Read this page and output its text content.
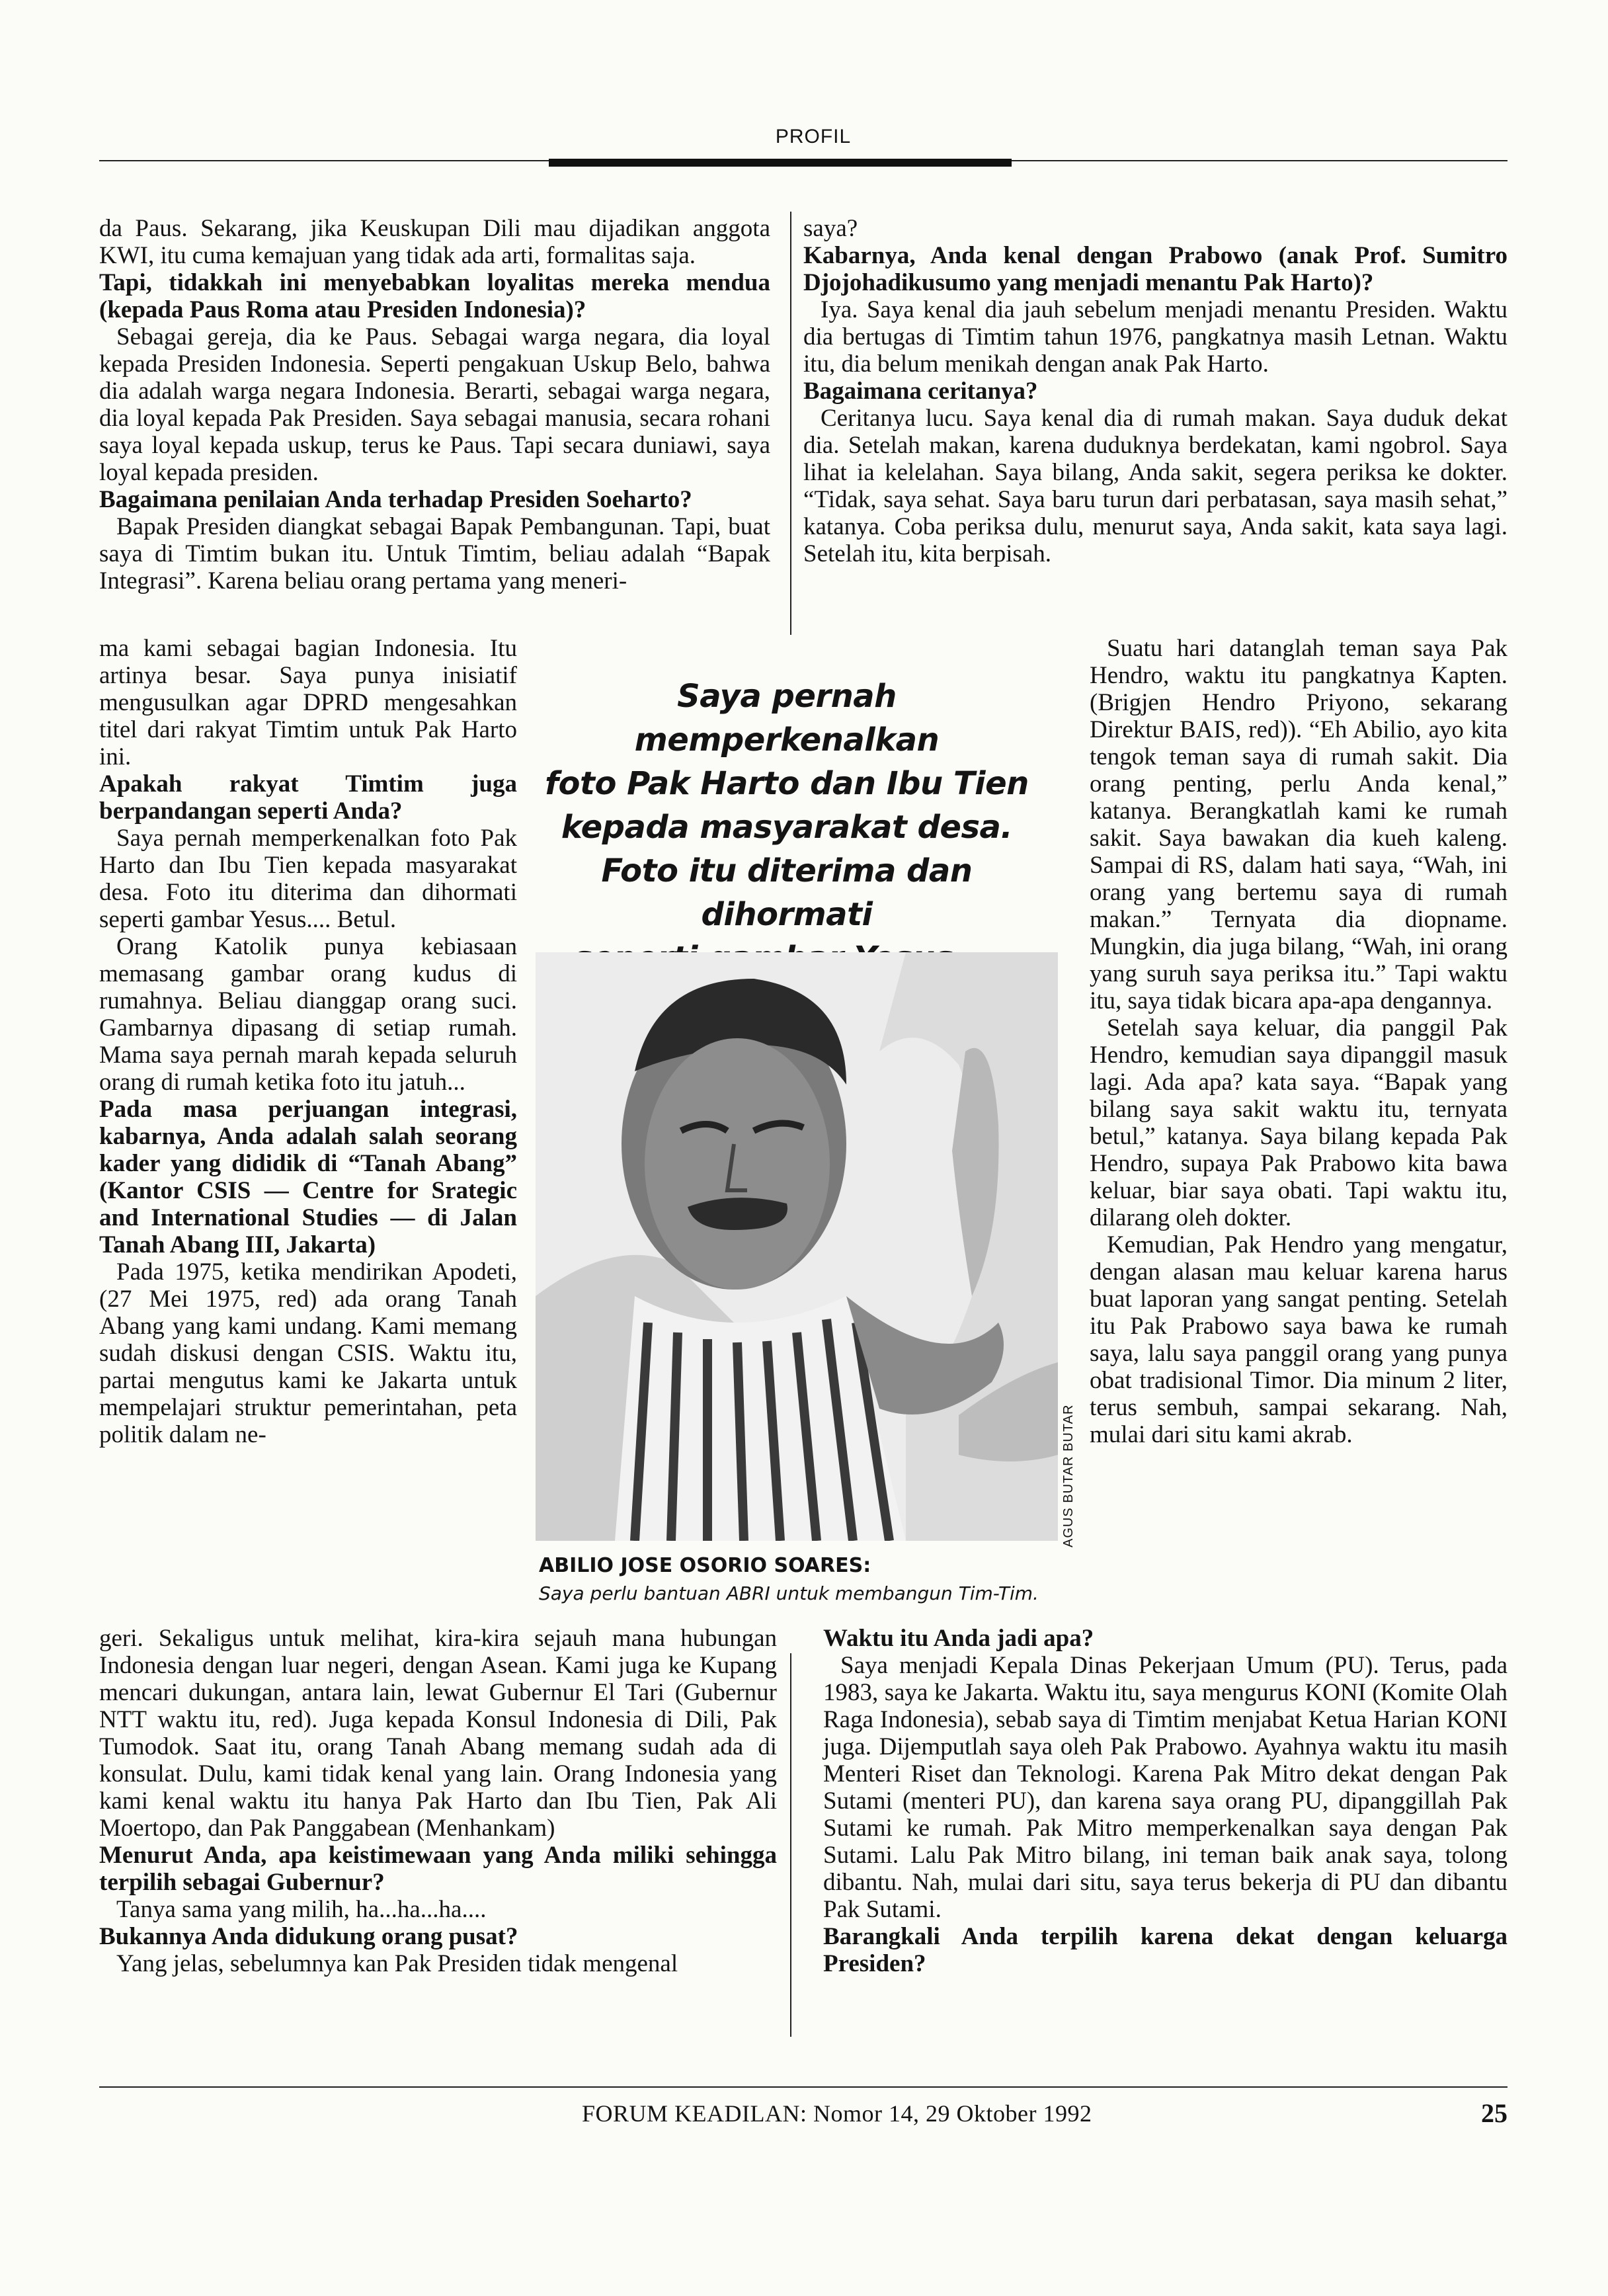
PROFIL

da Paus. Sekarang, jika Keuskupan Dili mau dijadikan anggota KWI, itu cuma kemajuan yang tidak ada arti, formalitas saja.

Tapi, tidakkah ini menyebabkan loyalitas mereka mendua (kepada Paus Roma atau Presiden Indonesia)?

Sebagai gereja, dia ke Paus. Sebagai warga negara, dia loyal kepada Presiden Indonesia. Seperti pengakuan Uskup Belo, bahwa dia adalah warga negara Indonesia. Berarti, sebagai warga negara, dia loyal kepada Pak Presiden. Saya sebagai manusia, secara rohani saya loyal kepada uskup, terus ke Paus. Tapi secara duniawi, saya loyal kepada presiden.

Bagaimana penilaian Anda terhadap Presiden Soeharto?

Bapak Presiden diangkat sebagai Bapak Pembangunan. Tapi, buat saya di Timtim bukan itu. Untuk Timtim, beliau adalah “Bapak Integrasi”. Karena beliau orang pertama yang meneri-

ma kami sebagai bagian Indonesia. Itu artinya besar. Saya punya inisiatif mengusulkan agar DPRD mengesahkan titel dari rakyat Timtim untuk Pak Harto ini.

Apakah rakyat Timtim juga berpandangan seperti Anda?

Saya pernah memperkenalkan foto Pak Harto dan Ibu Tien kepada masyarakat desa. Foto itu diterima dan dihormati seperti gambar Yesus.... Betul.

Orang Katolik punya kebiasaan memasang gambar orang kudus di rumahnya. Beliau dianggap orang suci. Gambarnya dipasang di setiap rumah. Mama saya pernah marah kepada seluruh orang di rumah ketika foto itu jatuh...

Pada masa perjuangan integrasi, kabarnya, Anda adalah salah seorang kader yang dididik di “Tanah Abang” (Kantor CSIS — Centre for Srategic and International Studies — di Jalan Tanah Abang III, Jakarta)

Pada 1975, ketika mendirikan Apodeti, (27 Mei 1975, red) ada orang Tanah Abang yang kami undang. Kami memang sudah diskusi dengan CSIS. Waktu itu, partai mengutus kami ke Jakarta untuk mempelajari struktur pemerintahan, peta politik dalam ne-

geri. Sekaligus untuk melihat, kira-kira sejauh mana hubungan Indonesia dengan luar negeri, dengan Asean. Kami juga ke Kupang mencari dukungan, antara lain, lewat Gubernur El Tari (Gubernur NTT waktu itu, red). Juga kepada Konsul Indonesia di Dili, Pak Tumodok. Saat itu, orang Tanah Abang memang sudah ada di konsulat. Dulu, kami tidak kenal yang lain. Orang Indonesia yang kami kenal waktu itu hanya Pak Harto dan Ibu Tien, Pak Ali Moertopo, dan Pak Panggabean (Menhankam)

Menurut Anda, apa keistimewaan yang Anda miliki sehingga terpilih sebagai Gubernur?

Tanya sama yang milih, ha...ha...ha....

Bukannya Anda didukung orang pusat?

Yang jelas, sebelumnya kan Pak Presiden tidak mengenal

saya?

Kabarnya, Anda kenal dengan Prabowo (anak Prof. Sumitro Djojohadikusumo yang menjadi menantu Pak Harto)?

Iya. Saya kenal dia jauh sebelum menjadi menantu Presiden. Waktu dia bertugas di Timtim tahun 1976, pangkatnya masih Letnan. Waktu itu, dia belum menikah dengan anak Pak Harto.

Bagaimana ceritanya?

Ceritanya lucu. Saya kenal dia di rumah makan. Saya duduk dekat dia. Setelah makan, karena duduknya berdekatan, kami ngobrol. Saya lihat ia kelelahan. Saya bilang, Anda sakit, segera periksa ke dokter. “Tidak, saya sehat. Saya baru turun dari perbatasan, saya masih sehat,” katanya. Coba periksa dulu, menurut saya, Anda sakit, kata saya lagi. Setelah itu, kita berpisah.

Suatu hari datanglah teman saya Pak Hendro, waktu itu pangkatnya Kapten. (Brigjen Hendro Priyono, sekarang Direktur BAIS, red)). “Eh Abilio, ayo kita tengok teman saya di rumah sakit. Dia orang penting, perlu Anda kenal,” katanya. Berangkatlah kami ke rumah sakit. Saya bawakan dia kueh kaleng. Sampai di RS, dalam hati saya, “Wah, ini orang yang bertemu saya di rumah makan.” Ternyata dia diopname. Mungkin, dia juga bilang, “Wah, ini orang yang suruh saya periksa itu.” Tapi waktu itu, saya tidak bicara apa-apa dengannya.

Setelah saya keluar, dia panggil Pak Hendro, kemudian saya dipanggil masuk lagi. Ada apa? kata saya. “Bapak yang bilang saya sakit waktu itu, ternyata betul,” katanya. Saya bilang kepada Pak Hendro, supaya Pak Prabowo kita bawa keluar, biar saya obati. Tapi waktu itu, dilarang oleh dokter.

Kemudian, Pak Hendro yang mengatur, dengan alasan mau keluar karena harus buat laporan yang sangat penting. Setelah itu Pak Prabowo saya bawa ke rumah saya, lalu saya panggil orang yang punya obat tradisional Timor. Dia minum 2 liter, terus sembuh, sampai sekarang. Nah, mulai dari situ kami akrab.

Waktu itu Anda jadi apa?

Saya menjadi Kepala Dinas Pekerjaan Umum (PU). Terus, pada 1983, saya ke Jakarta. Waktu itu, saya mengurus KONI (Komite Olah Raga Indonesia), sebab saya di Timtim menjabat Ketua Harian KONI juga. Dijemputlah saya oleh Pak Prabowo. Ayahnya waktu itu masih Menteri Riset dan Teknologi. Karena Pak Mitro dekat dengan Pak Sutami (menteri PU), dan karena saya orang PU, dipanggillah Pak Sutami ke rumah. Pak Mitro memperkenalkan saya dengan Pak Sutami. Lalu Pak Mitro bilang, ini teman baik anak saya, tolong dibantu. Nah, mulai dari situ, saya terus bekerja di PU dan dibantu Pak Sutami.

Barangkali Anda terpilih karena dekat dengan keluarga Presiden?

Saya pernah memperkenalkan
foto Pak Harto dan Ibu Tien
kepada masyarakat desa.
Foto itu diterima dan dihormati
AGUS BUTAR BUTAR
ABILIO JOSE OSORIO SOARES:
Saya perlu bantuan ABRI untuk membangun Tim-Tim.
FORUM KEADILAN: Nomor 14, 29 Oktober 1992	25
